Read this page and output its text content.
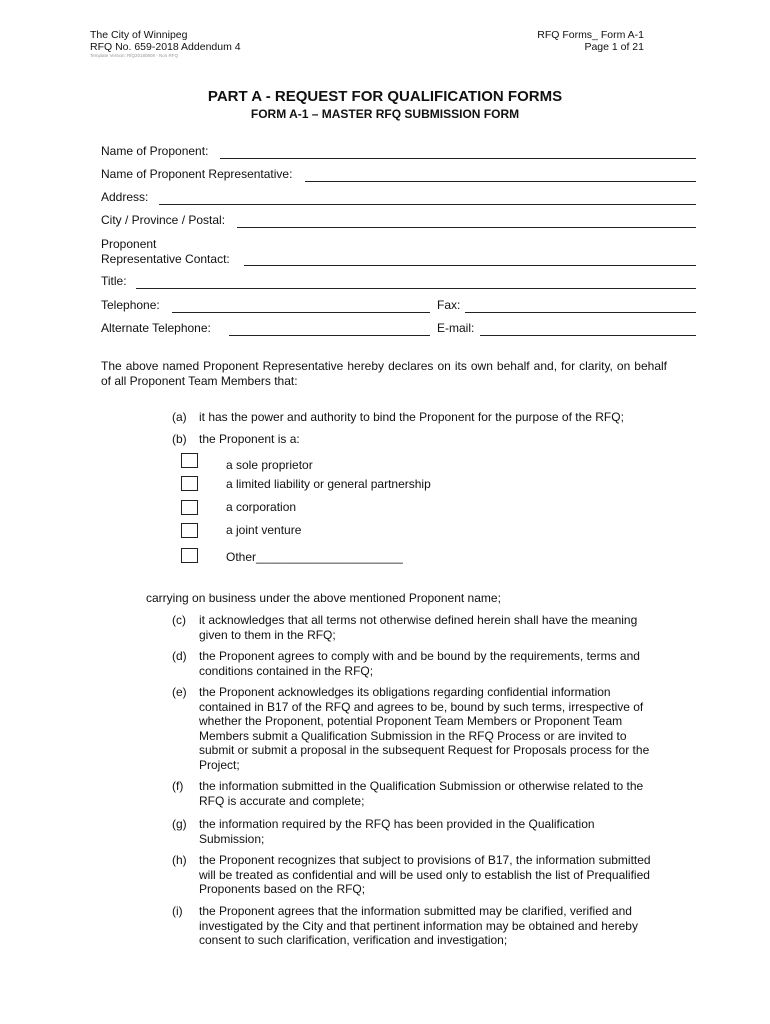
The City of Winnipeg
RFQ No. 659-2018 Addendum 4
Template Version: RfQ20180808 - Non RFQ
RFQ Forms_ Form A-1
Page 1 of 21
PART A - REQUEST FOR QUALIFICATION FORMS
FORM A-1 – MASTER RFQ SUBMISSION FORM
Name of Proponent:
Name of Proponent Representative:
Address:
City / Province / Postal:
Proponent
Representative Contact:
Title:
Telephone:	Fax:
Alternate Telephone:	E-mail:
The above named Proponent Representative hereby declares on its own behalf and, for clarity, on behalf of all Proponent Team Members that:
(a) it has the power and authority to bind the Proponent for the purpose of the RFQ;
(b) the Proponent is a:
a sole proprietor
a limited liability or general partnership
a corporation
a joint venture
Other______________________
carrying on business under the above mentioned Proponent name;
(c) it acknowledges that all terms not otherwise defined herein shall have the meaning
given to them in the RFQ;
(d) the Proponent agrees to comply with and be bound by the requirements, terms and
conditions contained in the RFQ;
(e) the Proponent acknowledges its obligations regarding confidential information
contained in B17 of the RFQ and agrees to be, bound by such terms, irrespective of
whether the Proponent, potential Proponent Team Members or Proponent Team
Members submit a Qualification Submission in the RFQ Process or are invited to
submit or submit a proposal in the subsequent Request for Proposals process for the
Project;
(f) the information submitted in the Qualification Submission or otherwise related to the
RFQ is accurate and complete;
(g) the information required by the RFQ has been provided in the Qualification
Submission;
(h) the Proponent recognizes that subject to provisions of B17, the information submitted
will be treated as confidential and will be used only to establish the list of Prequalified
Proponents based on the RFQ;
(i) the Proponent agrees that the information submitted may be clarified, verified and
investigated by the City and that pertinent information may be obtained and hereby
consent to such clarification, verification and investigation;
